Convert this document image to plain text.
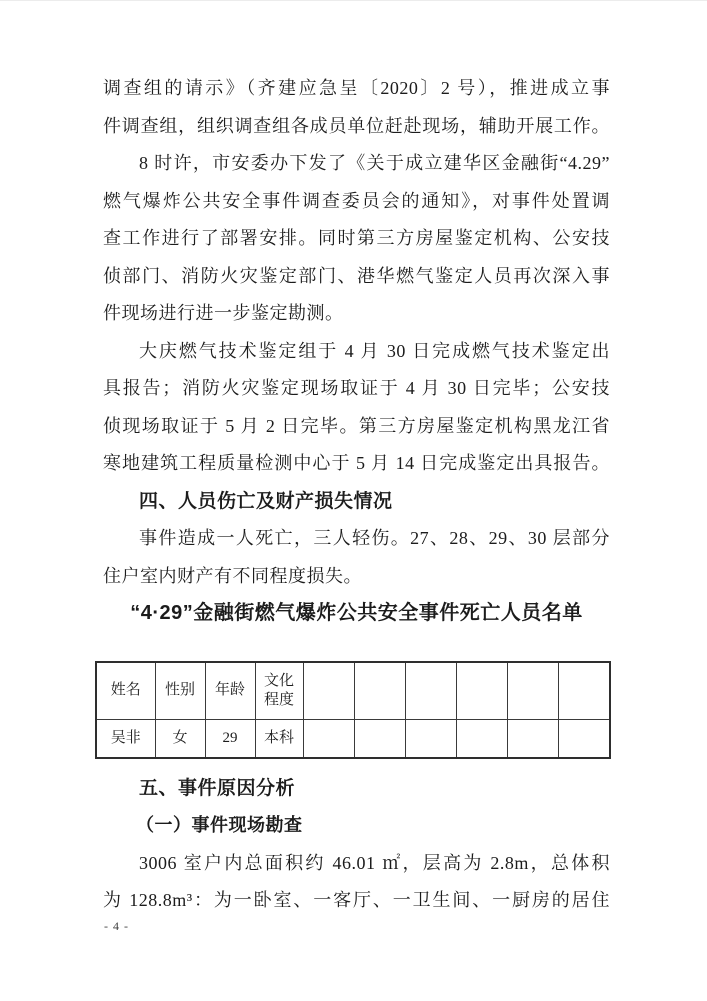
调查组的请示》（齐建应急呈〔2020〕2 号），推进成立事
件调查组，组织调查组各成员单位赶赴现场，辅助开展工作。
8 时许，市安委办下发了《关于成立建华区金融街“4.29”
燃气爆炸公共安全事件调查委员会的通知》，对事件处置调
查工作进行了部署安排。同时第三方房屋鉴定机构、公安技
侦部门、消防火灾鉴定部门、港华燃气鉴定人员再次深入事
件现场进行进一步鉴定勘测。
大庆燃气技术鉴定组于 4 月 30 日完成燃气技术鉴定出
具报告；消防火灾鉴定现场取证于 4 月 30 日完毕；公安技
侦现场取证于 5 月 2 日完毕。第三方房屋鉴定机构黑龙江省
寒地建筑工程质量检测中心于 5 月 14 日完成鉴定出具报告。
四、人员伤亡及财产损失情况
事件造成一人死亡，三人轻伤。27、28、29、30 层部分
住户室内财产有不同程度损失。
“4·29”金融街燃气爆炸公共安全事件死亡人员名单
姓名	性别	年龄	文化程度						
吴非	女	29	本科						
五、事件原因分析
（一）事件现场勘查
3006 室户内总面积约 46.01 ㎡，层高为 2.8m，总体积
为 128.8m³：为一卧室、一客厅、一卫生间、一厨房的居住
- 4 -
